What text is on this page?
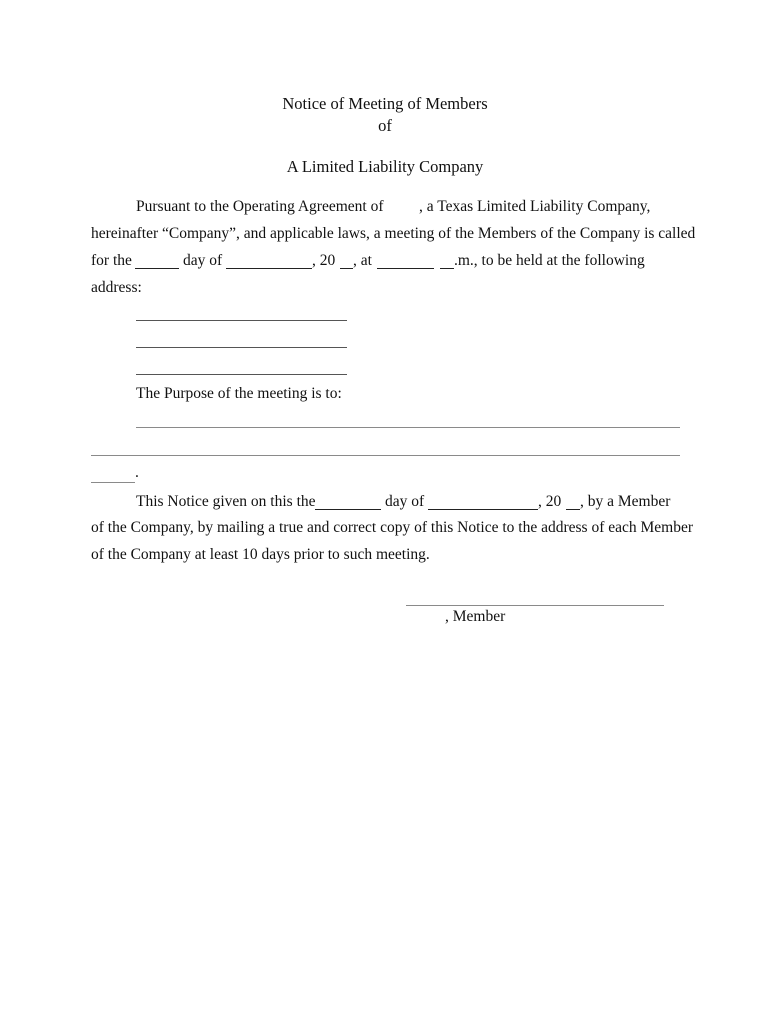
Notice of Meeting of Members
of
A Limited Liability Company
Pursuant to the Operating Agreement of , a Texas Limited Liability Company,
hereinafter “Company”, and applicable laws, a meeting of the Members of the Company is called
for the	day of	, 20 , at	.m., to be held at the following
address:
The Purpose of the meeting is to:
.
This Notice given on this the	day of	, 20 , by a Member
of the Company, by mailing a true and correct copy of this Notice to the address of each Member
of the Company at least 10 days prior to such meeting.
, Member
